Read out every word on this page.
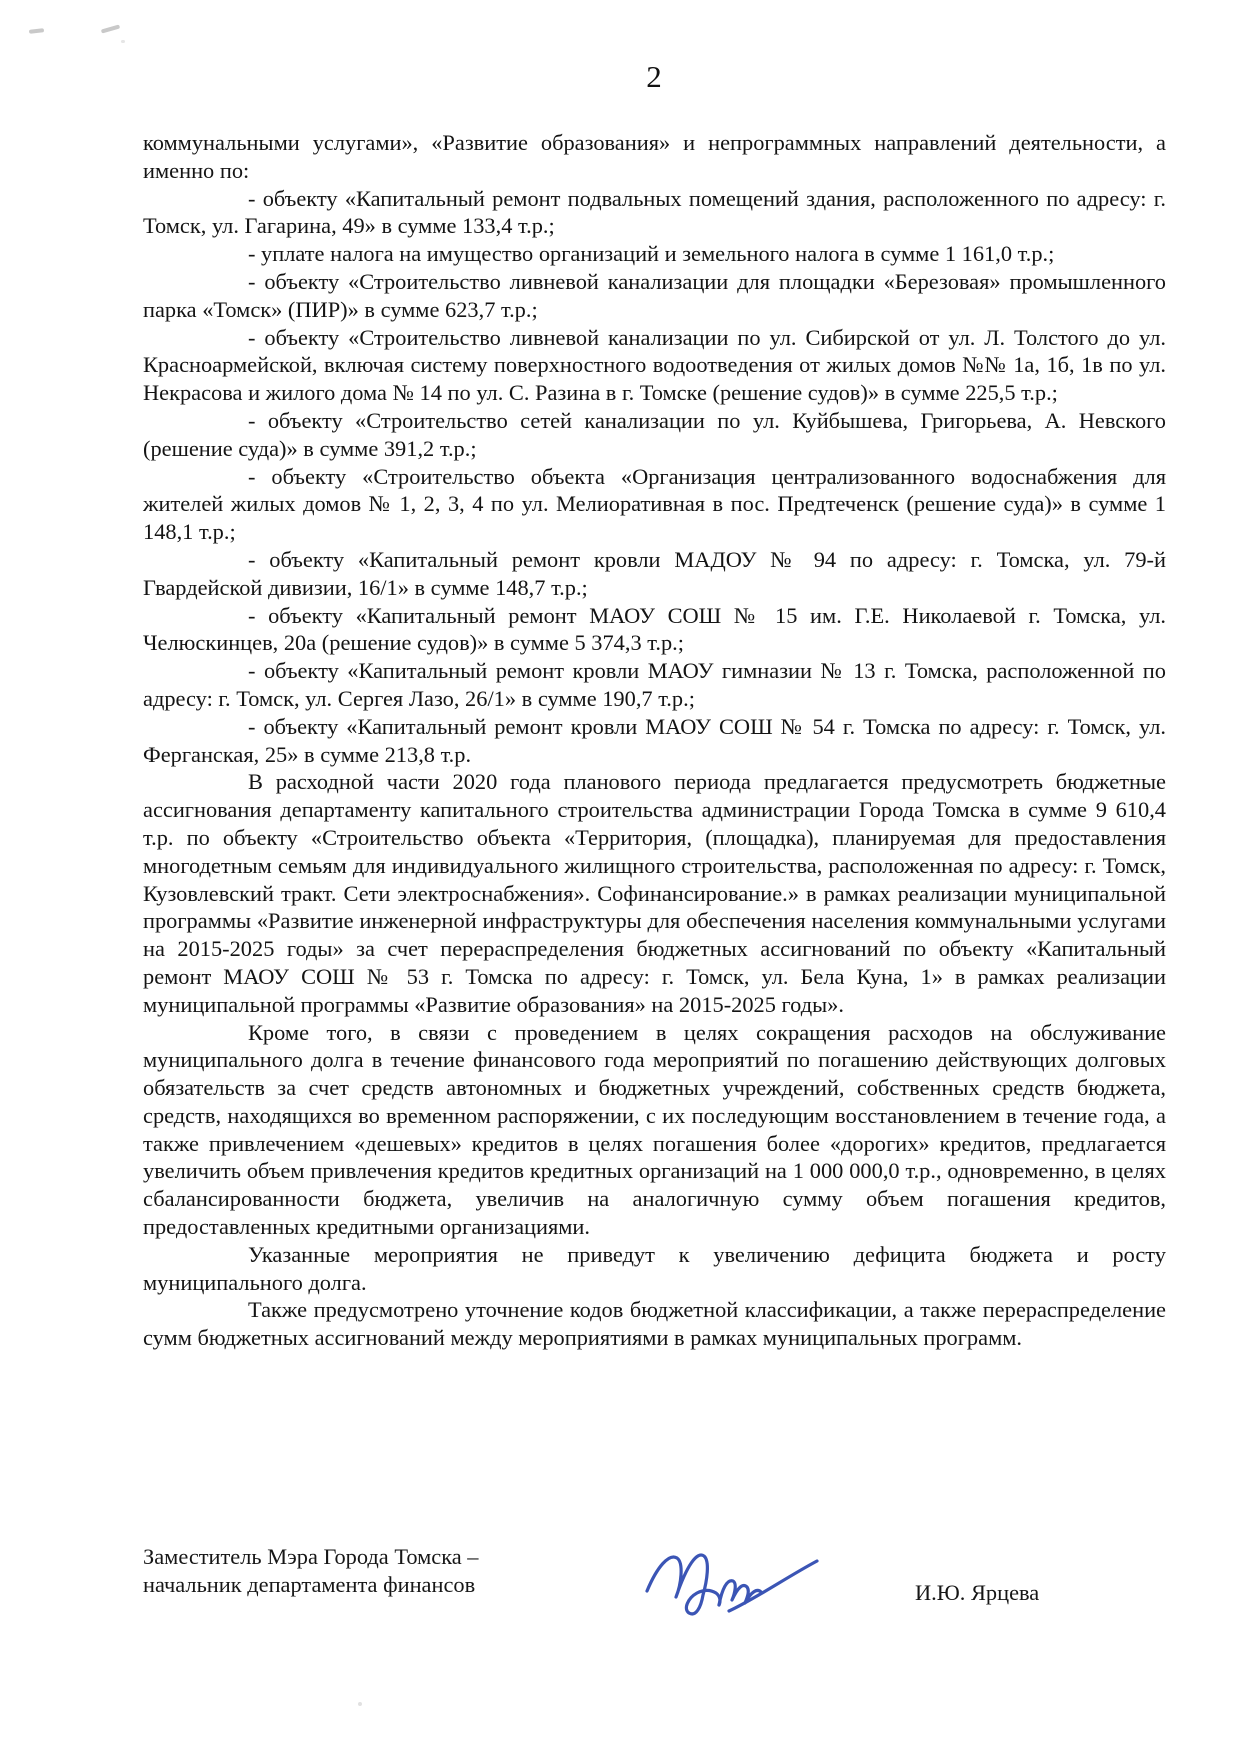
2

коммунальными услугами», «Развитие образования» и непрограммных направлений деятельности, а именно по:

- объекту «Капитальный ремонт подвальных помещений здания, расположенного по адресу: г. Томск, ул. Гагарина, 49» в сумме 133,4 т.р.;

- уплате налога на имущество организаций и земельного налога в сумме 1 161,0 т.р.;

- объекту «Строительство ливневой канализации для площадки «Березовая» промышленного парка «Томск» (ПИР)» в сумме 623,7 т.р.;

- объекту «Строительство ливневой канализации по ул. Сибирской от ул. Л. Толстого до ул. Красноармейской, включая систему поверхностного водоотведения от жилых домов №№ 1а, 1б, 1в по ул. Некрасова и жилого дома № 14 по ул. С. Разина в г. Томске (решение судов)» в сумме 225,5 т.р.;

- объекту «Строительство сетей канализации по ул. Куйбышева, Григорьева, А. Невского (решение суда)» в сумме 391,2 т.р.;

- объекту «Строительство объекта «Организация централизованного водоснабжения для жителей жилых домов № 1, 2, 3, 4 по ул. Мелиоративная в пос. Предтеченск (решение суда)» в сумме 1 148,1 т.р.;

- объекту «Капитальный ремонт кровли МАДОУ № 94 по адресу: г. Томска, ул. 79-й Гвардейской дивизии, 16/1» в сумме 148,7 т.р.;

- объекту «Капитальный ремонт МАОУ СОШ № 15 им. Г.Е. Николаевой г. Томска, ул. Челюскинцев, 20а (решение судов)» в сумме 5 374,3 т.р.;

- объекту «Капитальный ремонт кровли МАОУ гимназии № 13 г. Томска, расположенной по адресу: г. Томск, ул. Сергея Лазо, 26/1» в сумме 190,7 т.р.;

- объекту «Капитальный ремонт кровли МАОУ СОШ № 54 г. Томска по адресу: г. Томск, ул. Ферганская, 25» в сумме 213,8 т.р.

В расходной части 2020 года планового периода предлагается предусмотреть бюджетные ассигнования департаменту капитального строительства администрации Города Томска в сумме 9 610,4 т.р. по объекту «Строительство объекта «Территория, (площадка), планируемая для предоставления многодетным семьям для индивидуального жилищного строительства, расположенная по адресу: г. Томск, Кузовлевский тракт. Сети электроснабжения». Софинансирование.» в рамках реализации муниципальной программы «Развитие инженерной инфраструктуры для обеспечения населения коммунальными услугами на 2015-2025 годы» за счет перераспределения бюджетных ассигнований по объекту «Капитальный ремонт МАОУ СОШ № 53 г. Томска по адресу: г. Томск, ул. Бела Куна, 1» в рамках реализации муниципальной программы «Развитие образования» на 2015-2025 годы».

Кроме того, в связи с проведением в целях сокращения расходов на обслуживание муниципального долга в течение финансового года мероприятий по погашению действующих долговых обязательств за счет средств автономных и бюджетных учреждений, собственных средств бюджета, средств, находящихся во временном распоряжении, с их последующим восстановлением в течение года, а также привлечением «дешевых» кредитов в целях погашения более «дорогих» кредитов, предлагается увеличить объем привлечения кредитов кредитных организаций на 1 000 000,0 т.р., одновременно, в целях сбалансированности бюджета, увеличив на аналогичную сумму объем погашения кредитов, предоставленных кредитными организациями.

Указанные мероприятия не приведут к увеличению дефицита бюджета и росту муниципального долга.

Также предусмотрено уточнение кодов бюджетной классификации, а также перераспределение сумм бюджетных ассигнований между мероприятиями в рамках муниципальных программ.

Заместитель Мэра Города Томска –
начальник департамента финансов	И.Ю. Ярцева
